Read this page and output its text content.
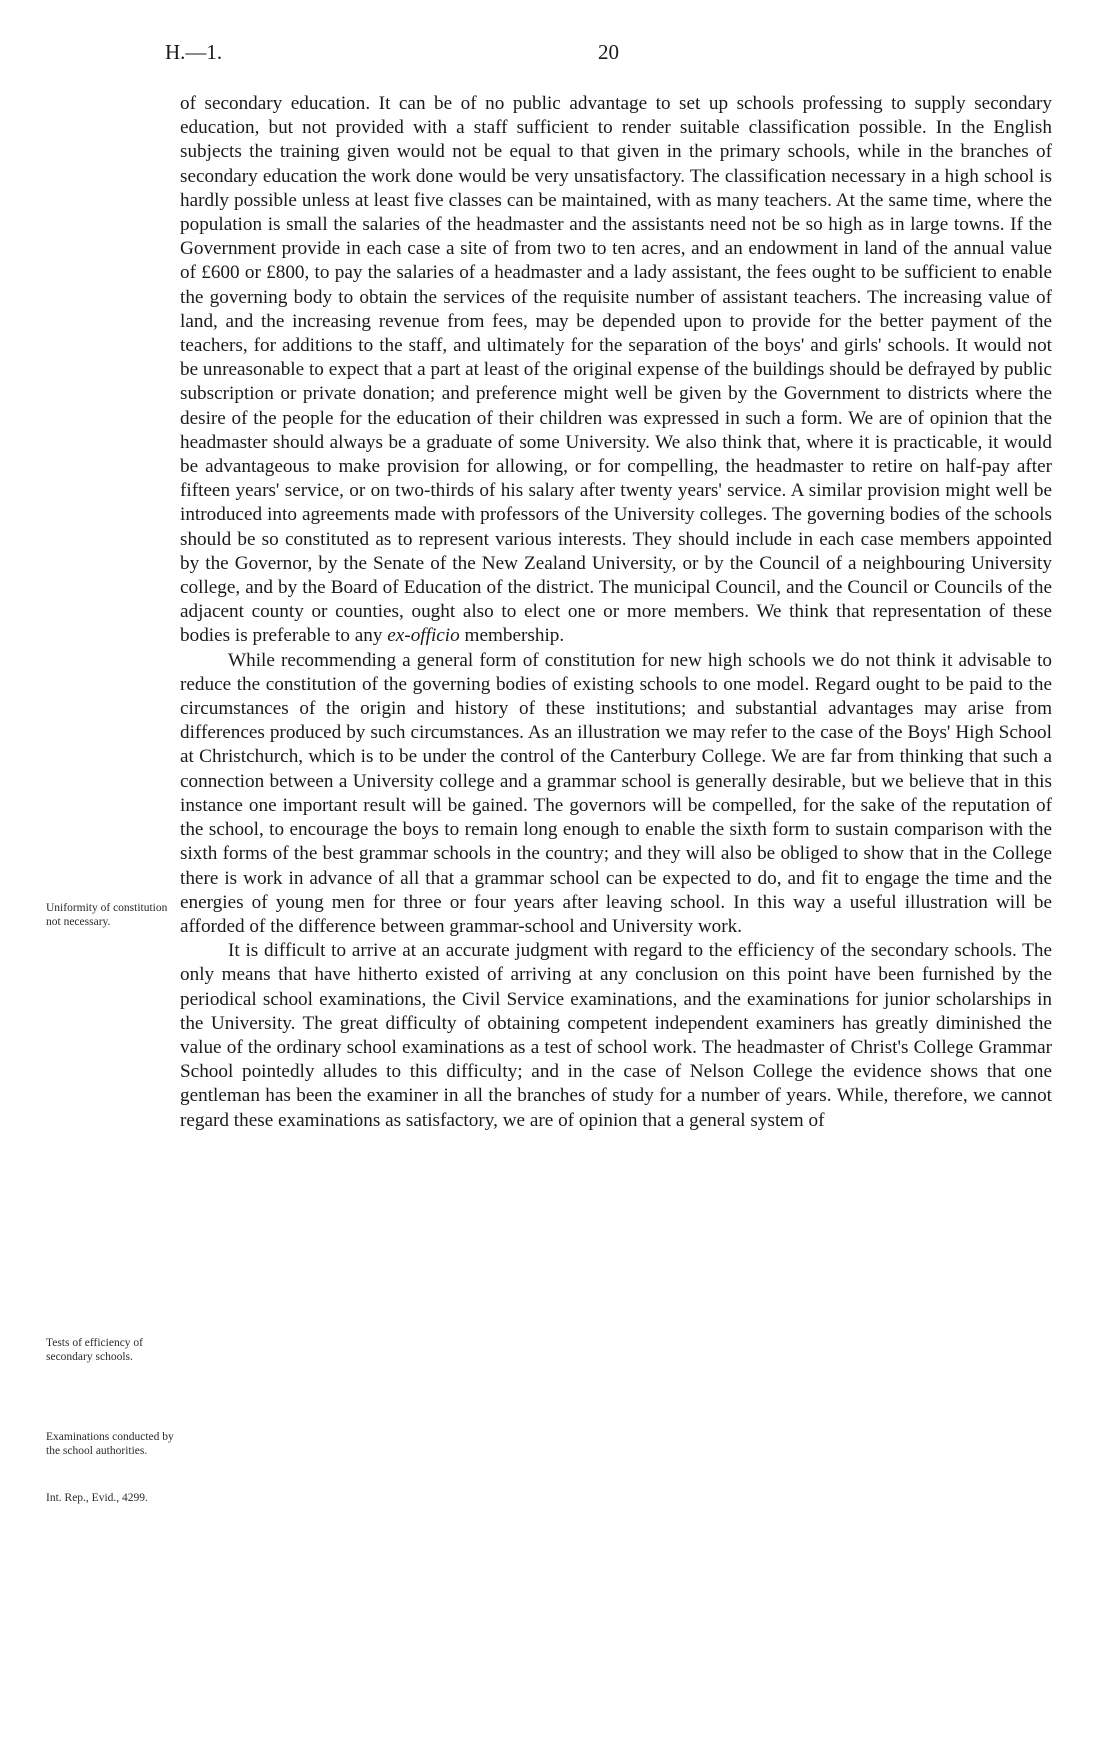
H.—1.	20
Uniformity of constitution not necessary.
Tests of efficiency of secondary schools.
Examinations conducted by the school authorities.
Int. Rep., Evid., 4299.

of secondary education. It can be of no public advantage to set up schools professing to supply secondary education, but not provided with a staff sufficient to render suitable classification possible. In the English subjects the training given would not be equal to that given in the primary schools, while in the branches of secondary education the work done would be very unsatisfactory. The classification necessary in a high school is hardly possible unless at least five classes can be maintained, with as many teachers. At the same time, where the population is small the salaries of the headmaster and the assistants need not be so high as in large towns. If the Government provide in each case a site of from two to ten acres, and an endowment in land of the annual value of £600 or £800, to pay the salaries of a headmaster and a lady assistant, the fees ought to be sufficient to enable the governing body to obtain the services of the requisite number of assistant teachers. The increasing value of land, and the increasing revenue from fees, may be depended upon to provide for the better payment of the teachers, for additions to the staff, and ultimately for the separation of the boys' and girls' schools. It would not be unreasonable to expect that a part at least of the original expense of the buildings should be defrayed by public subscription or private donation; and preference might well be given by the Government to districts where the desire of the people for the education of their children was expressed in such a form. We are of opinion that the headmaster should always be a graduate of some University. We also think that, where it is practicable, it would be advantageous to make provision for allowing, or for compelling, the headmaster to retire on half-pay after fifteen years' service, or on two-thirds of his salary after twenty years' service. A similar provision might well be introduced into agreements made with professors of the University colleges. The governing bodies of the schools should be so constituted as to represent various interests. They should include in each case members appointed by the Governor, by the Senate of the New Zealand University, or by the Council of a neighbouring University college, and by the Board of Education of the district. The municipal Council, and the Council or Councils of the adjacent county or counties, ought also to elect one or more members. We think that representation of these bodies is preferable to any ex-officio membership.

While recommending a general form of constitution for new high schools we do not think it advisable to reduce the constitution of the governing bodies of existing schools to one model. Regard ought to be paid to the circumstances of the origin and history of these institutions; and substantial advantages may arise from differences produced by such circumstances. As an illustration we may refer to the case of the Boys' High School at Christchurch, which is to be under the control of the Canterbury College. We are far from thinking that such a connection between a University college and a grammar school is generally desirable, but we believe that in this instance one important result will be gained. The governors will be compelled, for the sake of the reputation of the school, to encourage the boys to remain long enough to enable the sixth form to sustain comparison with the sixth forms of the best grammar schools in the country; and they will also be obliged to show that in the College there is work in advance of all that a grammar school can be expected to do, and fit to engage the time and the energies of young men for three or four years after leaving school. In this way a useful illustration will be afforded of the difference between grammar-school and University work.

It is difficult to arrive at an accurate judgment with regard to the efficiency of the secondary schools. The only means that have hitherto existed of arriving at any conclusion on this point have been furnished by the periodical school examinations, the Civil Service examinations, and the examinations for junior scholarships in the University. The great difficulty of obtaining competent independent examiners has greatly diminished the value of the ordinary school examinations as a test of school work. The headmaster of Christ's College Grammar School pointedly alludes to this difficulty; and in the case of Nelson College the evidence shows that one gentleman has been the examiner in all the branches of study for a number of years. While, therefore, we cannot regard these examinations as satisfactory, we are of opinion that a general system of
